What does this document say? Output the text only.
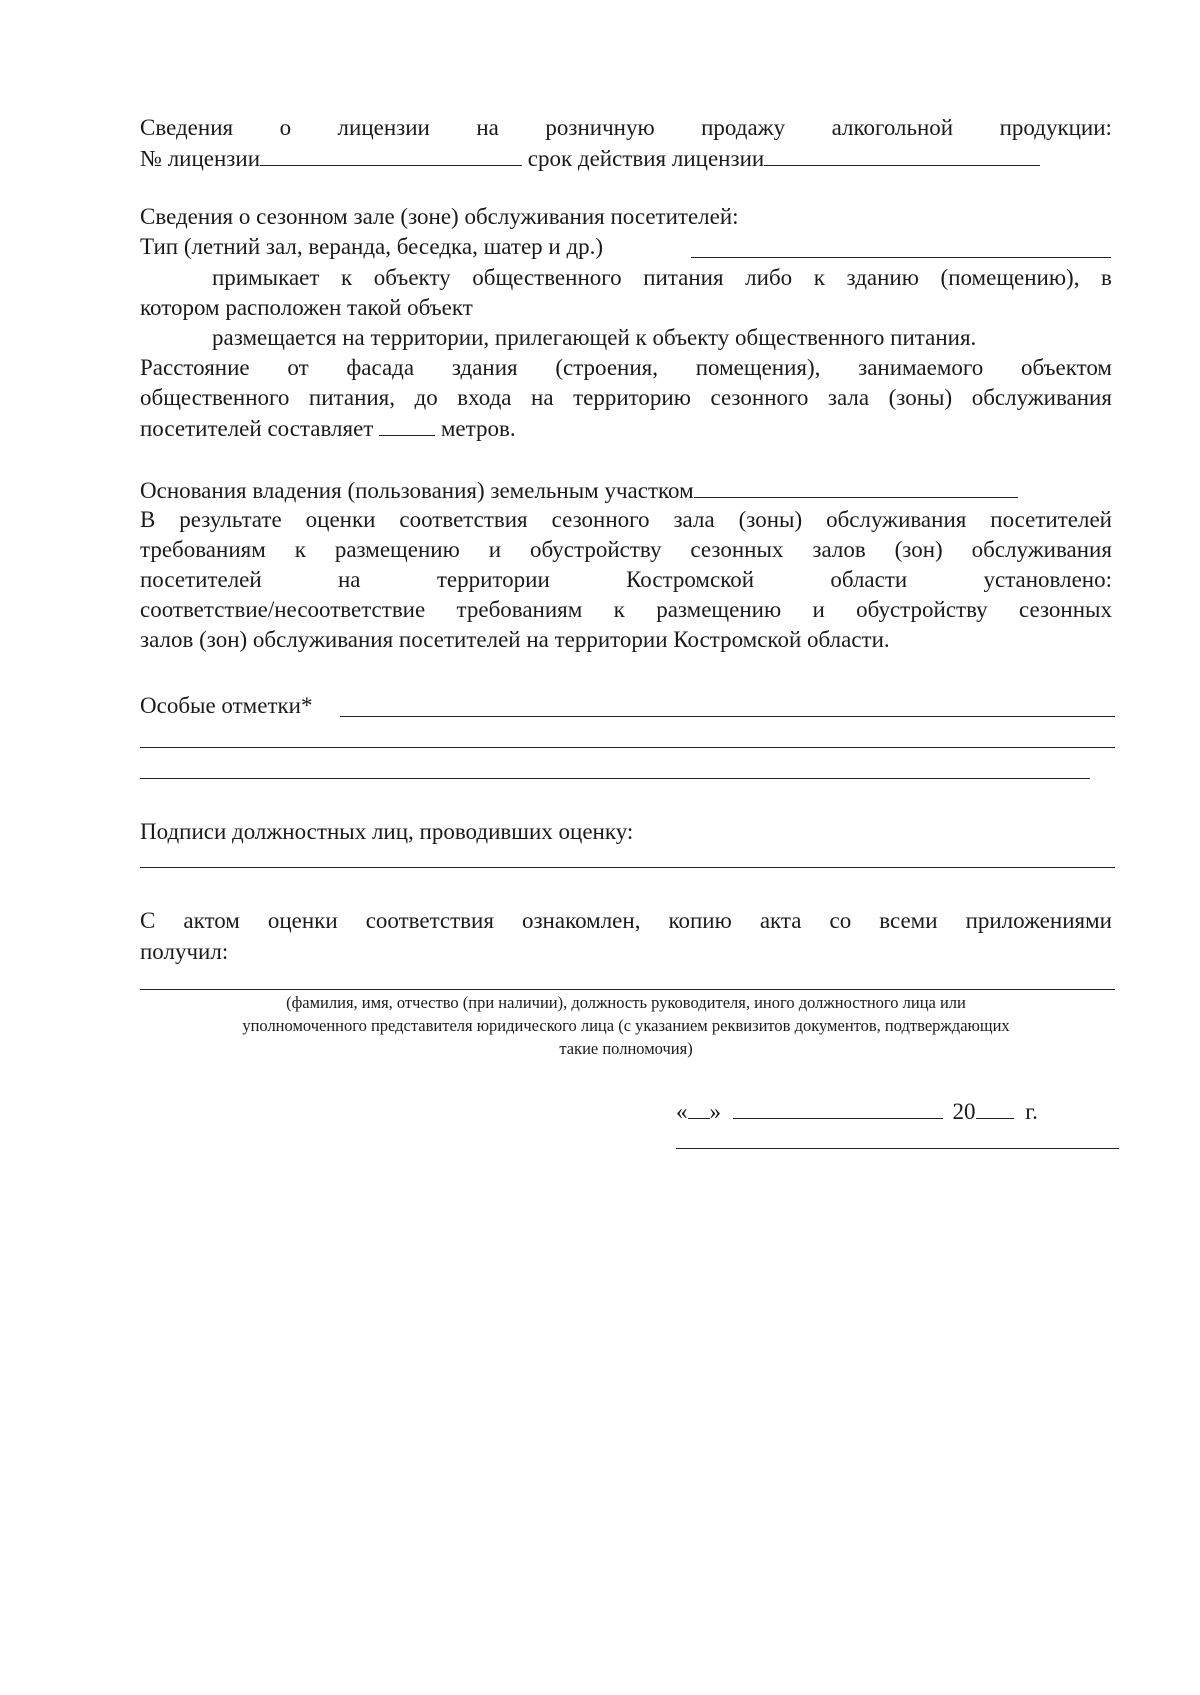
Сведения о лицензии на розничную продажу алкогольной продукции:
№ лицензии	срок действия лицензии
Сведения о сезонном зале (зоне) обслуживания посетителей:
Тип (летний зал, веранда, беседка, шатер и др.)
примыкает к объекту общественного питания либо к зданию (помещению), в
котором расположен такой объект
размещается на территории, прилегающей к объекту общественного питания.
Расстояние от фасада здания (строения, помещения), занимаемого объектом
общественного питания, до входа на территорию сезонного зала (зоны) обслуживания
посетителей составляет	метров.
Основания владения (пользования) земельным участком
В результате оценки соответствия сезонного зала (зоны) обслуживания посетителей
требованиям к размещению и обустройству сезонных залов (зон) обслуживания
посетителей	на	территории	Костромской	области	установлено:
соответствие/несоответствие требованиям к размещению и обустройству сезонных
залов (зон) обслуживания посетителей на территории Костромской области.
Особые отметки*
Подписи должностных лиц, проводивших оценку:
С актом оценки соответствия ознакомлен, копию акта со всеми приложениями
получил:
(фамилия, имя, отчество (при наличии), должность руководителя, иного должностного лица или
уполномоченного представителя юридического лица (с указанием реквизитов документов, подтверждающих
такие полномочия)
« »	20 г.
